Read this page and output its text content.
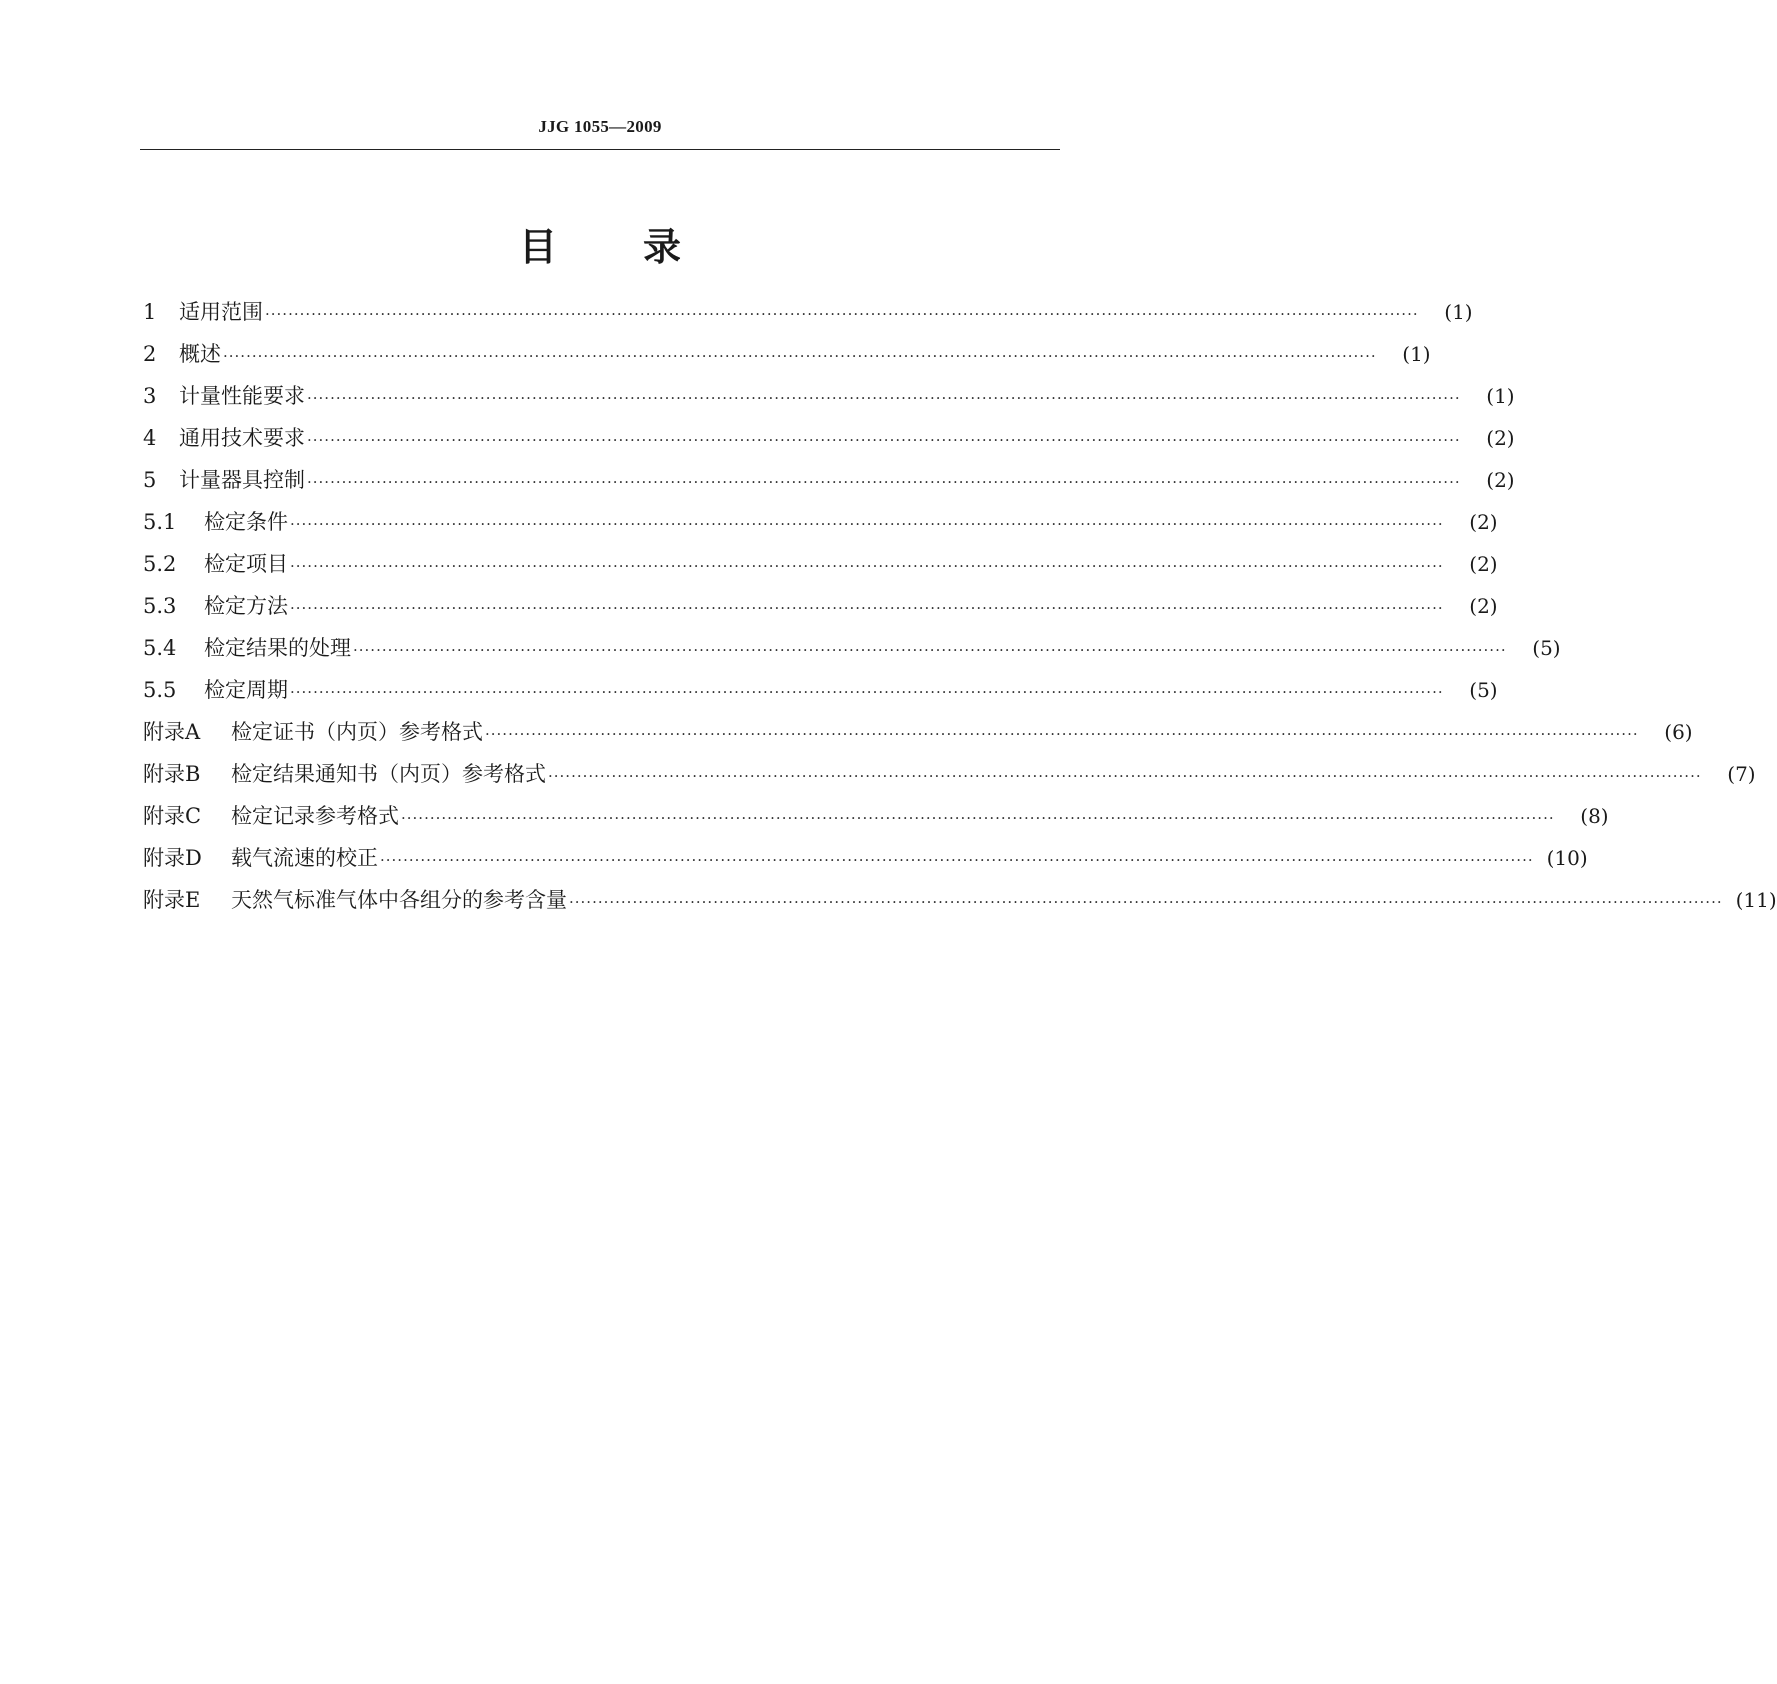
JJG 1055—2009
目 录
1	适用范围 ········································································································································································································	(1)
2	概述 ········································································································································································································	(1)
3	计量性能要求 ········································································································································································································	(1)
4	通用技术要求 ········································································································································································································	(2)
5	计量器具控制 ········································································································································································································	(2)
5.1	检定条件 ········································································································································································································	(2)
5.2	检定项目 ········································································································································································································	(2)
5.3	检定方法 ········································································································································································································	(2)
5.4	检定结果的处理 ········································································································································································································	(5)
5.5	检定周期 ········································································································································································································	(5)
附录A	检定证书（内页）参考格式 ········································································································································································································	(6)
附录B	检定结果通知书（内页）参考格式 ········································································································································································································	(7)
附录C	检定记录参考格式 ········································································································································································································	(8)
附录D	载气流速的校正 ········································································································································································································ (10)
附录E	天然气标准气体中各组分的参考含量 ········································································································································································································ (11)
